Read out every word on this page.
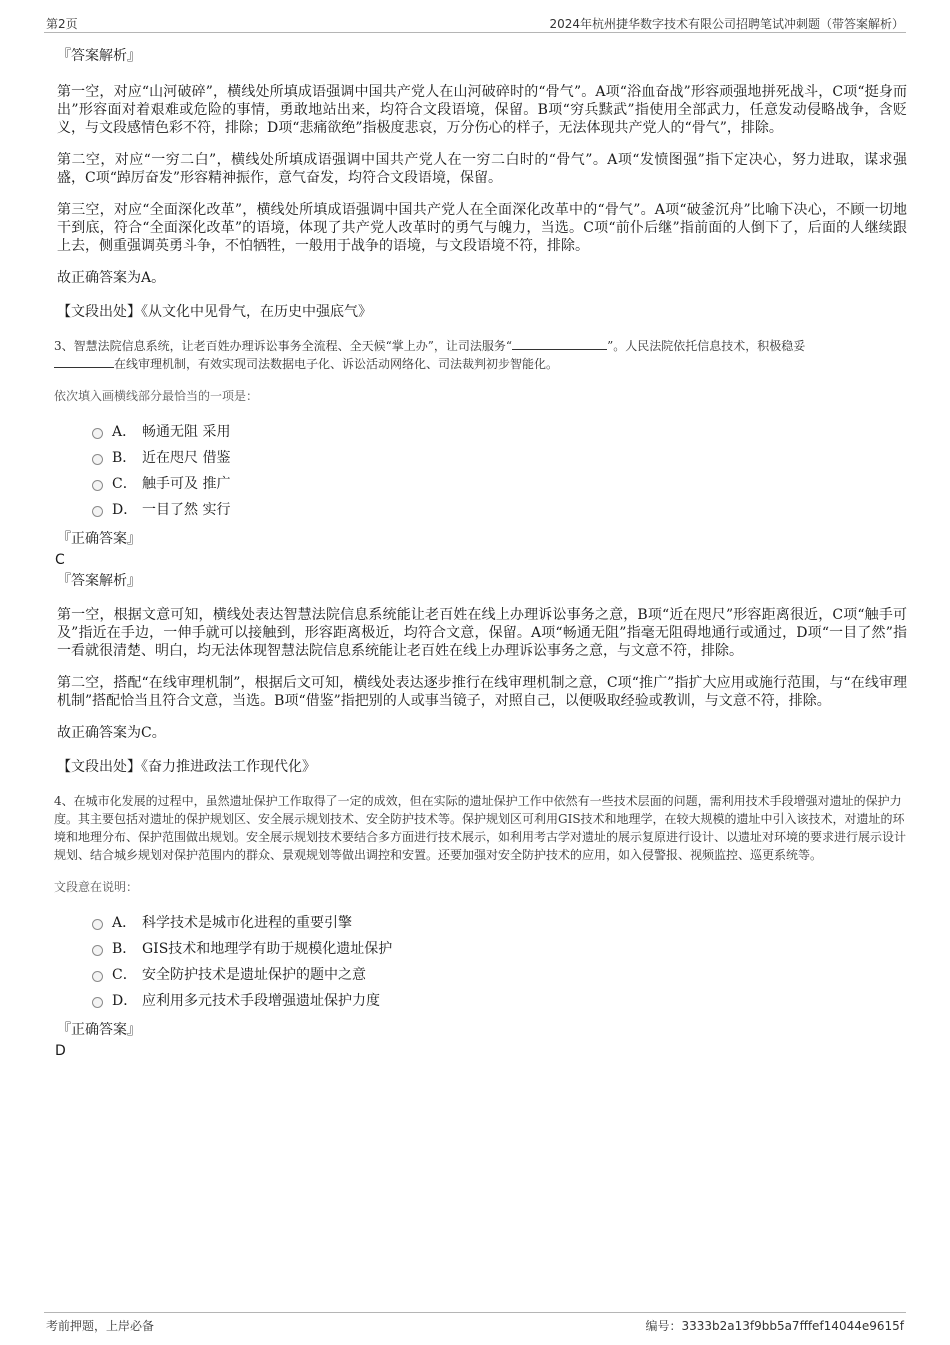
第2页	2024年杭州捷华数字技术有限公司招聘笔试冲刺题（带答案解析）
『答案解析』

第一空，对应“山河破碎”，横线处所填成语强调中国共产党人在山河破碎时的“骨气”。A项“浴血奋战”形容顽强地拼死战斗，C项“挺身而出”形容面对着艰难或危险的事情，勇敢地站出来，均符合文段语境，保留。B项“穷兵黩武”指使用全部武力，任意发动侵略战争，含贬义，与文段感情色彩不符，排除；D项“悲痛欲绝”指极度悲哀，万分伤心的样子，无法体现共产党人的“骨气”，排除。

第二空，对应“一穷二白”，横线处所填成语强调中国共产党人在一穷二白时的“骨气”。A项“发愤图强”指下定决心，努力进取，谋求强盛，C项“踔厉奋发”形容精神振作，意气奋发，均符合文段语境，保留。

第三空，对应“全面深化改革”，横线处所填成语强调中国共产党人在全面深化改革中的“骨气”。A项“破釜沉舟”比喻下决心，不顾一切地干到底，符合“全面深化改革”的语境，体现了共产党人改革时的勇气与魄力，当选。C项“前仆后继”指前面的人倒下了，后面的人继续跟上去，侧重强调英勇斗争，不怕牺牲，一般用于战争的语境，与文段语境不符，排除。

故正确答案为A。

【文段出处】《从文化中见骨气，在历史中强底气》

3、智慧法院信息系统，让老百姓办理诉讼事务全流程、全天候“掌上办”，让司法服务“	”。人民法院依托信息技术，积极稳妥
在线审理机制，有效实现司法数据电子化、诉讼活动网络化、司法裁判初步智能化。

依次填入画横线部分最恰当的一项是：
A． 畅通无阻 采用
B． 近在咫尺 借鉴
C． 触手可及 推广
D． 一目了然 实行
『正确答案』
C
『答案解析』

第一空，根据文意可知，横线处表达智慧法院信息系统能让老百姓在线上办理诉讼事务之意，B项“近在咫尺”形容距离很近，C项“触手可及”指近在手边，一伸手就可以接触到，形容距离极近，均符合文意，保留。A项“畅通无阻”指毫无阻碍地通行或通过，D项“一目了然”指一看就很清楚、明白，均无法体现智慧法院信息系统能让老百姓在线上办理诉讼事务之意，与文意不符，排除。

第二空，搭配“在线审理机制”，根据后文可知，横线处表达逐步推行在线审理机制之意，C项“推广”指扩大应用或施行范围，与“在线审理机制”搭配恰当且符合文意，当选。B项“借鉴”指把别的人或事当镜子，对照自己，以便吸取经验或教训，与文意不符，排除。

故正确答案为C。

【文段出处】《奋力推进政法工作现代化》

4、在城市化发展的过程中，虽然遗址保护工作取得了一定的成效，但在实际的遗址保护工作中依然有一些技术层面的问题，需利用技术手段增强对遗址的保护力度。其主要包括对遗址的保护规划区、安全展示规划技术、安全防护技术等。保护规划区可利用GIS技术和地理学，在较大规模的遗址中引入该技术，对遗址的环境和地理分布、保护范围做出规划。安全展示规划技术要结合多方面进行技术展示，如利用考古学对遗址的展示复原进行设计、以遗址对环境的要求进行展示设计规划、结合城乡规划对保护范围内的群众、景观规划等做出调控和安置。还要加强对安全防护技术的应用，如入侵警报、视频监控、巡更系统等。

文段意在说明：
A． 科学技术是城市化进程的重要引擎
B． GIS技术和地理学有助于规模化遗址保护
C． 安全防护技术是遗址保护的题中之意
D． 应利用多元技术手段增强遗址保护力度
『正确答案』
D
考前押题，上岸必备	编号：3333b2a13f9bb5a7fffef14044e9615f
